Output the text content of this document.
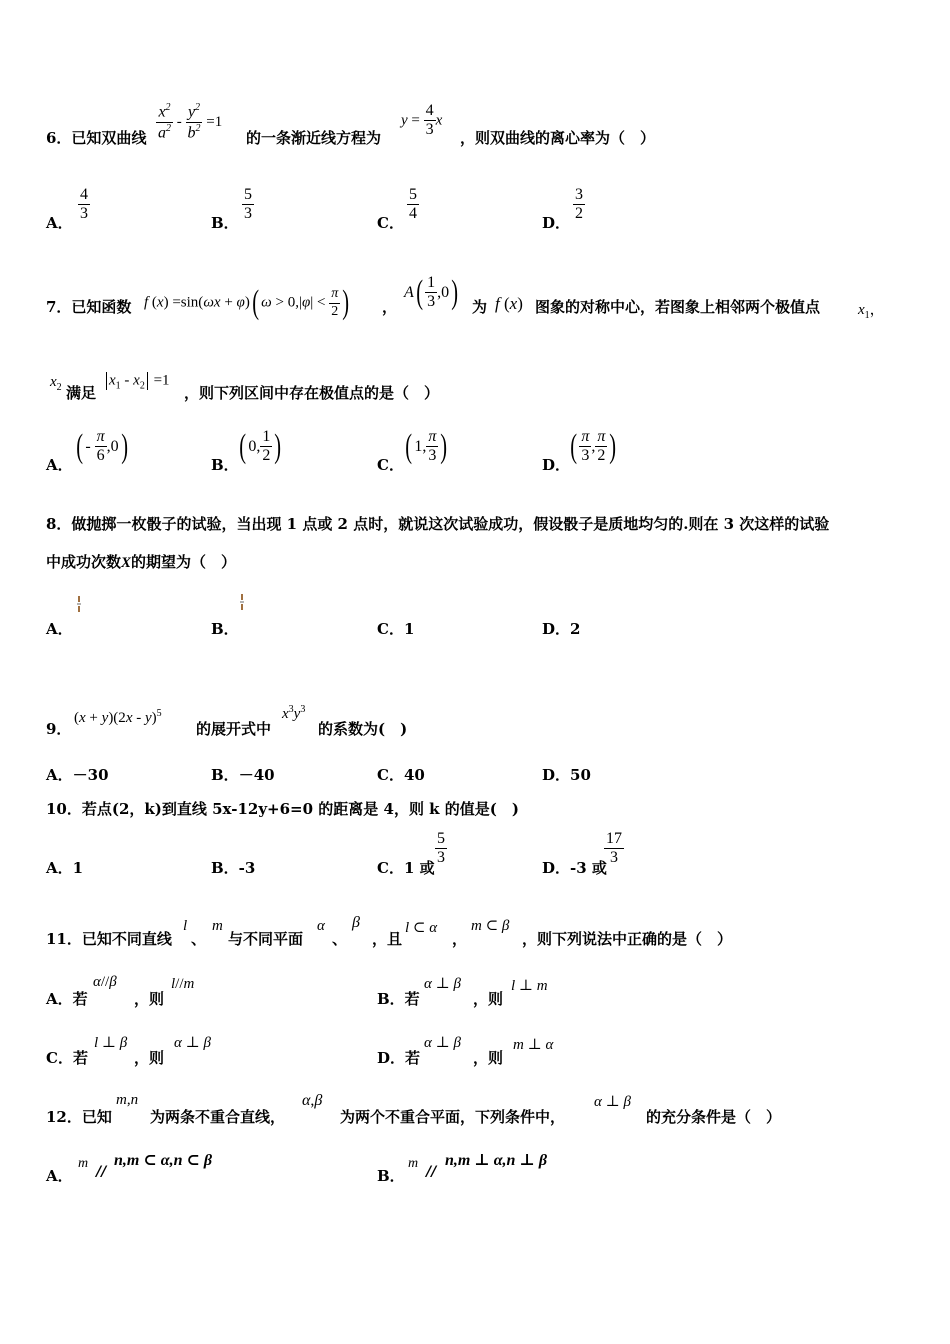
6．已知双曲线 $\frac{x^2}{a^2} - \frac{y^2}{b^2} =1$
的一条渐近线方程为
$y = \frac{4}{3}$ x
，则双曲线的离心率为（　）
A． $\frac{4}{3}$	B． $\frac{5}{3}$	C． $\frac{5}{4}$	D． $\frac{3}{2}$
7．已知函数 f (x) =sin(ωx + φ)( $\omega > 0,|\varphi| < \frac{\pi}{2}$ ) ，
$A( \frac{1}{3} ,0)$ 为 f (x) 图象的对称中心，若图象上相邻两个极值点	$x_1$，
$x_2$ 满足
$x_1 - x_2 =1$
，则下列区间中存在极值点的是（　）
A．
( - $\frac{\pi}{6} ,0$)
B．
( 0, $\frac{1}{2}$ )
C．
( 1, $\frac{\pi}{3}$ )
D．
( $\frac{\pi}{3}$ , $\frac{\pi}{2}$ )
8．做抛掷一枚骰子的试验，当出现 1 点或 2 点时，就说这次试验成功，假设骰子是质地均匀的.则在 3 次这样的试验
中成功次数X的期望为（　）
A．	B．	C．1	D．2
9．
(x + y)(2x - y)$^5$
的展开式中
$x^3y^3$
的系数为(　)
A．－30	B．－40	C．40	D．50
10．若点(2，k)到直线 5x-12y+6=0 的距离是 4，则 k 的值是(　)
A．1	B．-3	C．1 或
$\frac{5}{3}$
D．-3 或
$\frac{17}{3}$
11．已知不同直线
l
、
m
与不同平面
α
、
β
，且
l ⊂ α
，
m ⊂ β
，则下列说法中正确的是（　）
A．若
α//β
，则
l//m
B．若
α ⊥ β
，则
l ⊥ m
C．若
l ⊥ β
，则
α ⊥ β
D．若
α ⊥ β
，则
m ⊥ α
12．已知
m,n
为两条不重合直线，
α,β
为两个不重合平面，下列条件中，
α ⊥ β
的充分条件是（　）
A．
m
//
n,m ⊂ α,n ⊂ β
B．
m
//
n,m ⊥ α,n ⊥ β
